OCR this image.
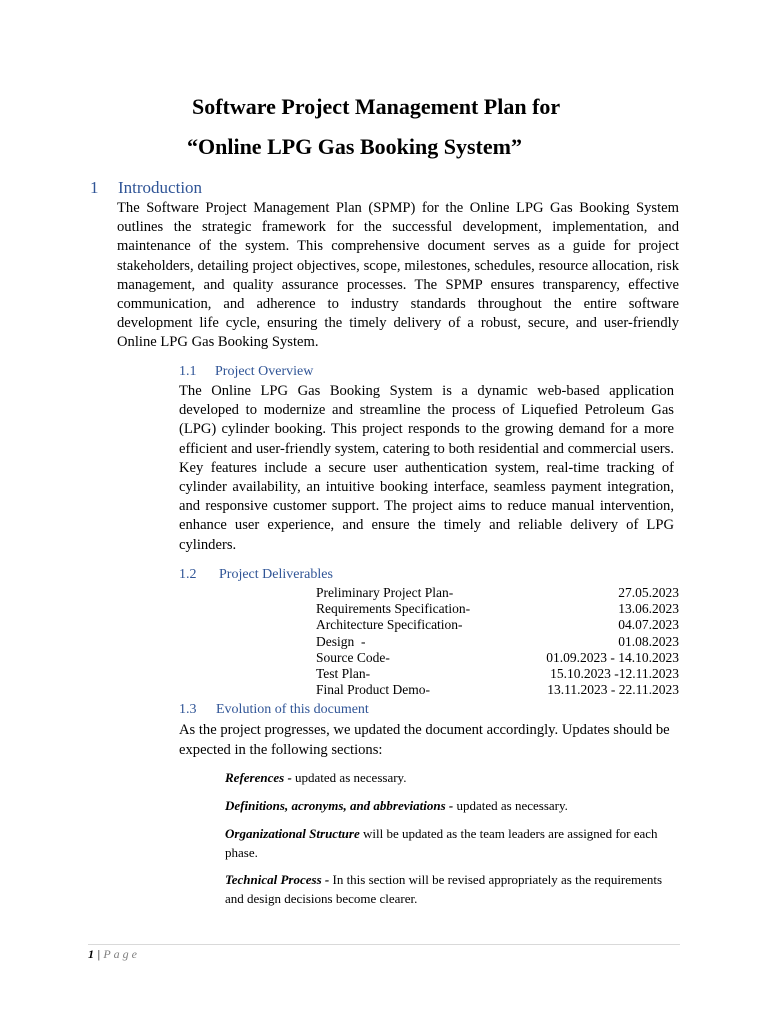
Software Project Management Plan for
“Online LPG Gas Booking System”
1 Introduction
The Software Project Management Plan (SPMP) for the Online LPG Gas Booking System outlines the strategic framework for the successful development, implementation, and maintenance of the system. This comprehensive document serves as a guide for project stakeholders, detailing project objectives, scope, milestones, schedules, resource allocation, risk management, and quality assurance processes. The SPMP ensures transparency, effective communication, and adherence to industry standards throughout the entire software development life cycle, ensuring the timely delivery of a robust, secure, and user-friendly Online LPG Gas Booking System.
1.1 Project Overview
The Online LPG Gas Booking System is a dynamic web-based application developed to modernize and streamline the process of Liquefied Petroleum Gas (LPG) cylinder booking. This project responds to the growing demand for a more efficient and user-friendly system, catering to both residential and commercial users. Key features include a secure user authentication system, real-time tracking of cylinder availability, an intuitive booking interface, seamless payment integration, and responsive customer support. The project aims to reduce manual intervention, enhance user experience, and ensure the timely and reliable delivery of LPG cylinders.
1.2 Project Deliverables
Preliminary Project Plan-	27.05.2023
Requirements Specification-	13.06.2023
Architecture Specification-	04.07.2023
Design  -	01.08.2023
Source Code-	01.09.2023 - 14.10.2023
Test Plan-	15.10.2023 -12.11.2023
Final Product Demo-	13.11.2023 - 22.11.2023
1.3 Evolution of this document
As the project progresses, we updated the document accordingly. Updates should be expected in the following sections:
References - updated as necessary.
Definitions, acronyms, and abbreviations - updated as necessary.
Organizational Structure will be updated as the team leaders are assigned for each phase.
Technical Process - In this section will be revised appropriately as the requirements and design decisions become clearer.
1 | Page
